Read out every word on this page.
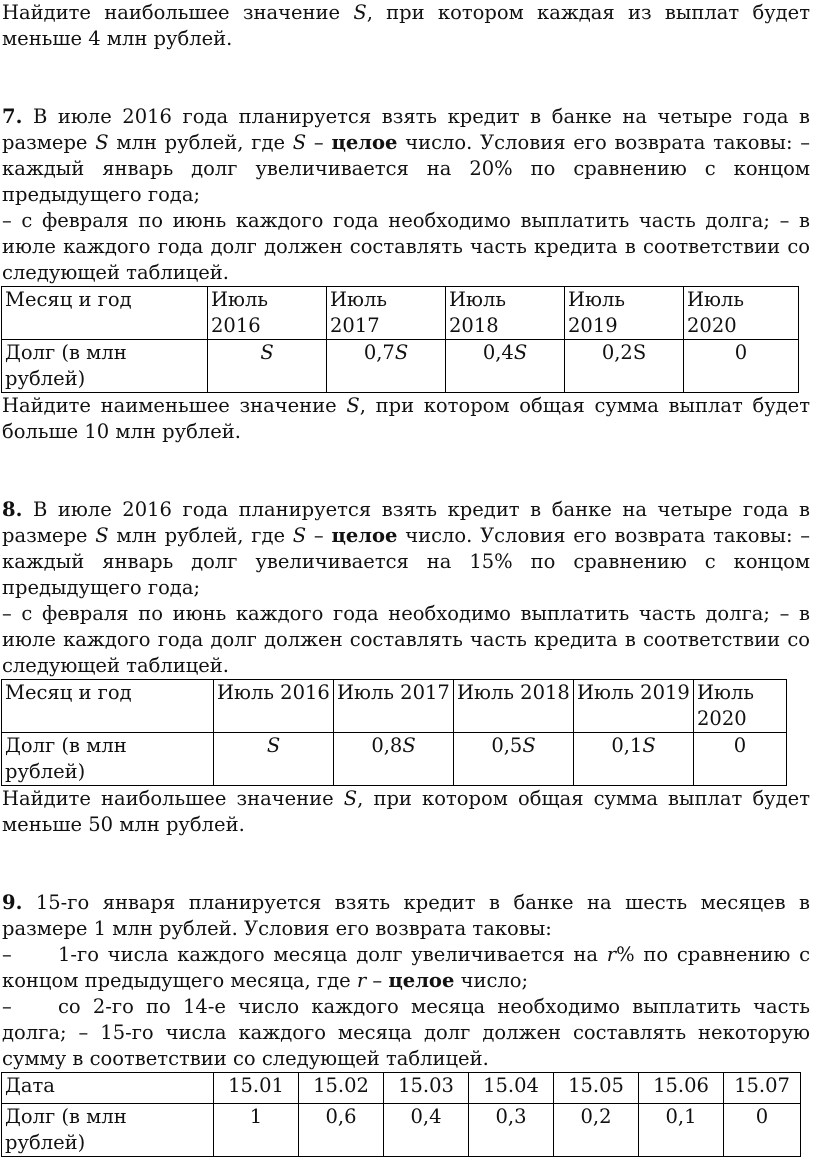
Найдите наибольшее значение S, при котором каждая из выплат будет меньше 4 млн рублей.

7. В июле 2016 года планируется взять кредит в банке на четыре года в размере S млн рублей, где S – целое число. Условия его возврата таковы: – каждый январь долг увеличивается на 20% по сравнению с концом предыдущего года;

– с февраля по июнь каждого года необходимо выплатить часть долга; – в июле каждого года долг должен составлять часть кредита в соответствии со следующей таблицей.

Месяц и год	Июль 2016	Июль 2017	Июль 2018	Июль 2019	Июль 2020
Долг (в млн рублей)	S	0,7S	0,4S	0,2S	0

Найдите наименьшее значение S, при котором общая сумма выплат будет больше 10 млн рублей.

8. В июле 2016 года планируется взять кредит в банке на четыре года в размере S млн рублей, где S – целое число. Условия его возврата таковы: – каждый январь долг увеличивается на 15% по сравнению с концом предыдущего года;

– с февраля по июнь каждого года необходимо выплатить часть долга; – в июле каждого года долг должен составлять часть кредита в соответствии со следующей таблицей.

Месяц и год	Июль 2016	Июль 2017	Июль 2018	Июль 2019	Июль 2020
Долг (в млн рублей)	S	0,8S	0,5S	0,1S	0

Найдите наибольшее значение S, при котором общая сумма выплат будет меньше 50 млн рублей.

9. 15-го января планируется взять кредит в банке на шесть месяцев в размере 1 млн рублей. Условия его возврата таковы:

– 1-го числа каждого месяца долг увеличивается на r% по сравнению с концом предыдущего месяца, где r – целое число;

– со 2-го по 14-е число каждого месяца необходимо выплатить часть долга; – 15-го числа каждого месяца долг должен составлять некоторую сумму в соответствии со следующей таблицей.

Дата	15.01	15.02	15.03	15.04	15.05	15.06	15.07
Долг (в млн рублей)	1	0,6	0,4	0,3	0,2	0,1	0
